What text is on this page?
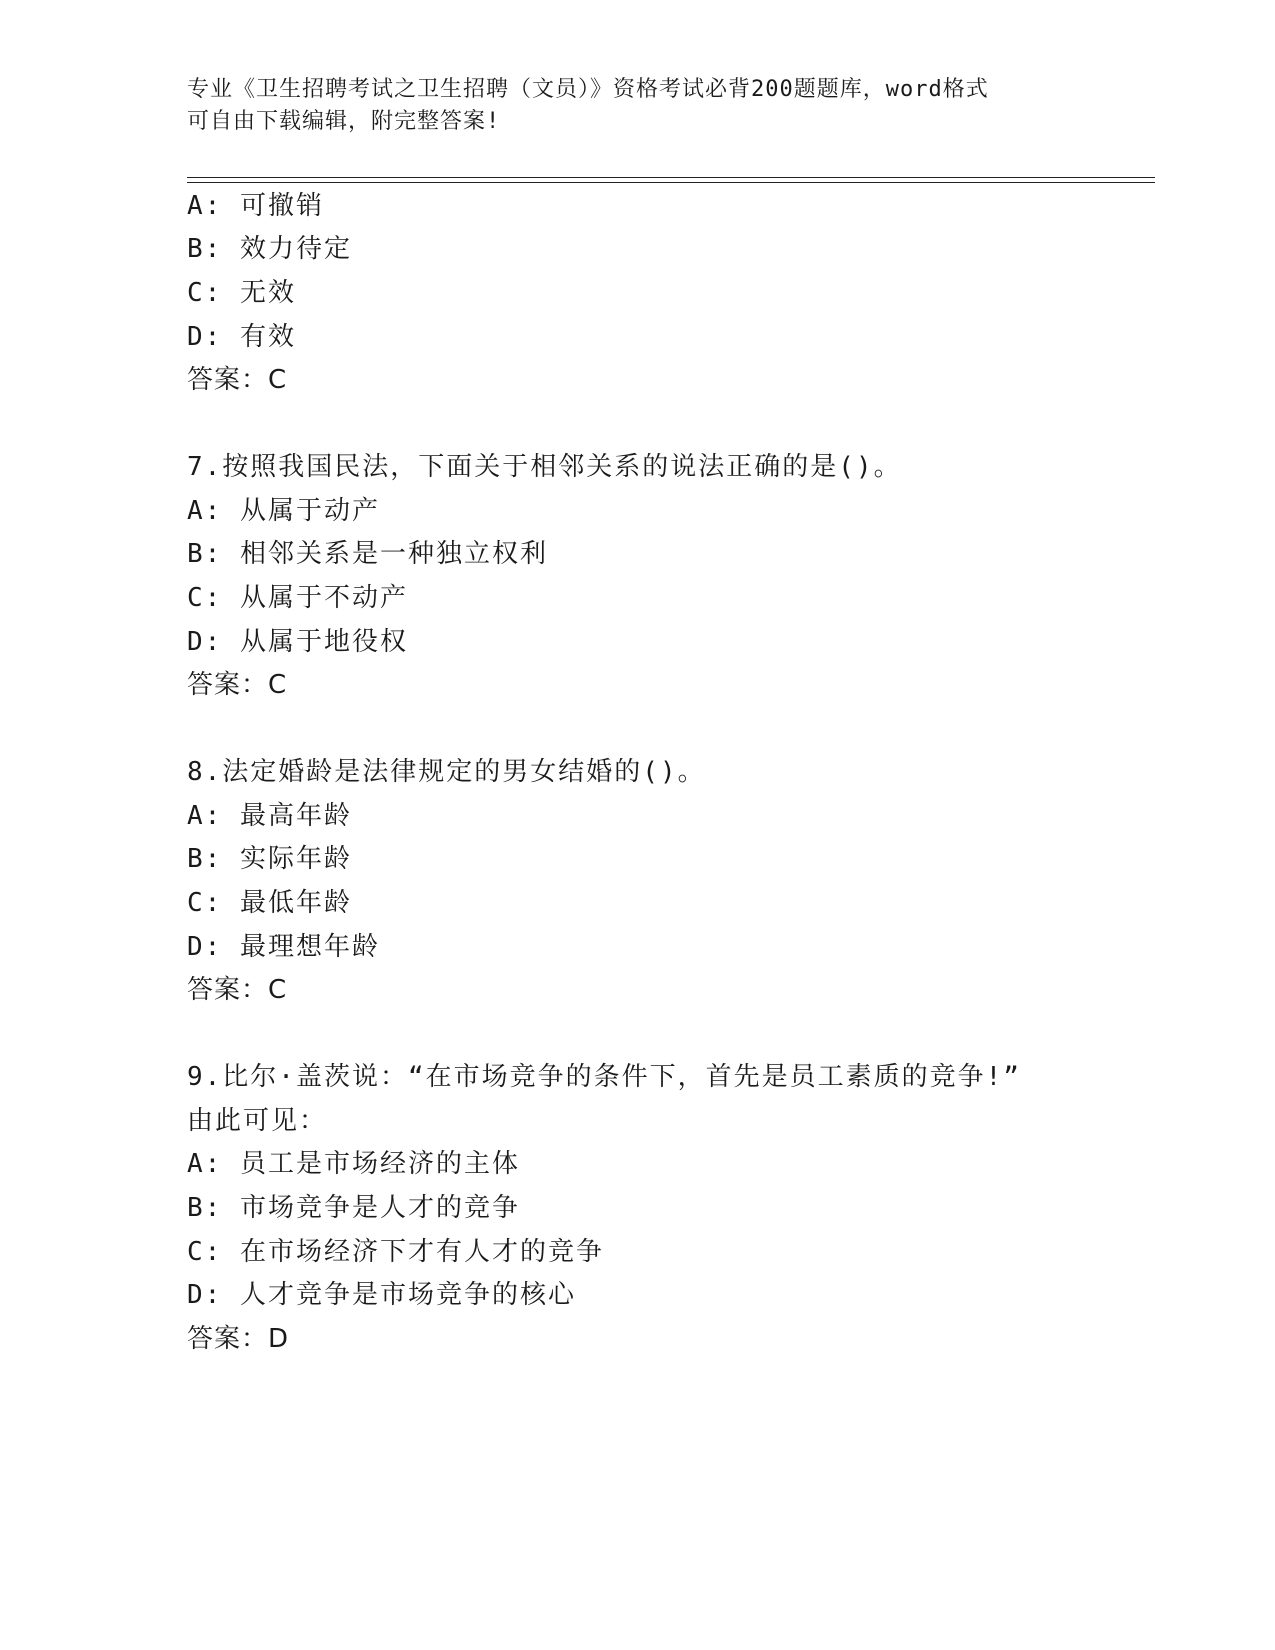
专业《卫生招聘考试之卫生招聘（文员）》资格考试必背200题题库，word格式
可自由下载编辑，附完整答案!
A: 可撤销
B: 效力待定
C: 无效
D: 有效
答案：C
7.按照我国民法，下面关于相邻关系的说法正确的是()。
A: 从属于动产
B: 相邻关系是一种独立权利
C: 从属于不动产
D: 从属于地役权
答案：C
8.法定婚龄是法律规定的男女结婚的()。
A: 最高年龄
B: 实际年龄
C: 最低年龄
D: 最理想年龄
答案：C
9.比尔·盖茨说：“在市场竞争的条件下，首先是员工素质的竞争!”
由此可见：
A: 员工是市场经济的主体
B: 市场竞争是人才的竞争
C: 在市场经济下才有人才的竞争
D: 人才竞争是市场竞争的核心
答案：D
